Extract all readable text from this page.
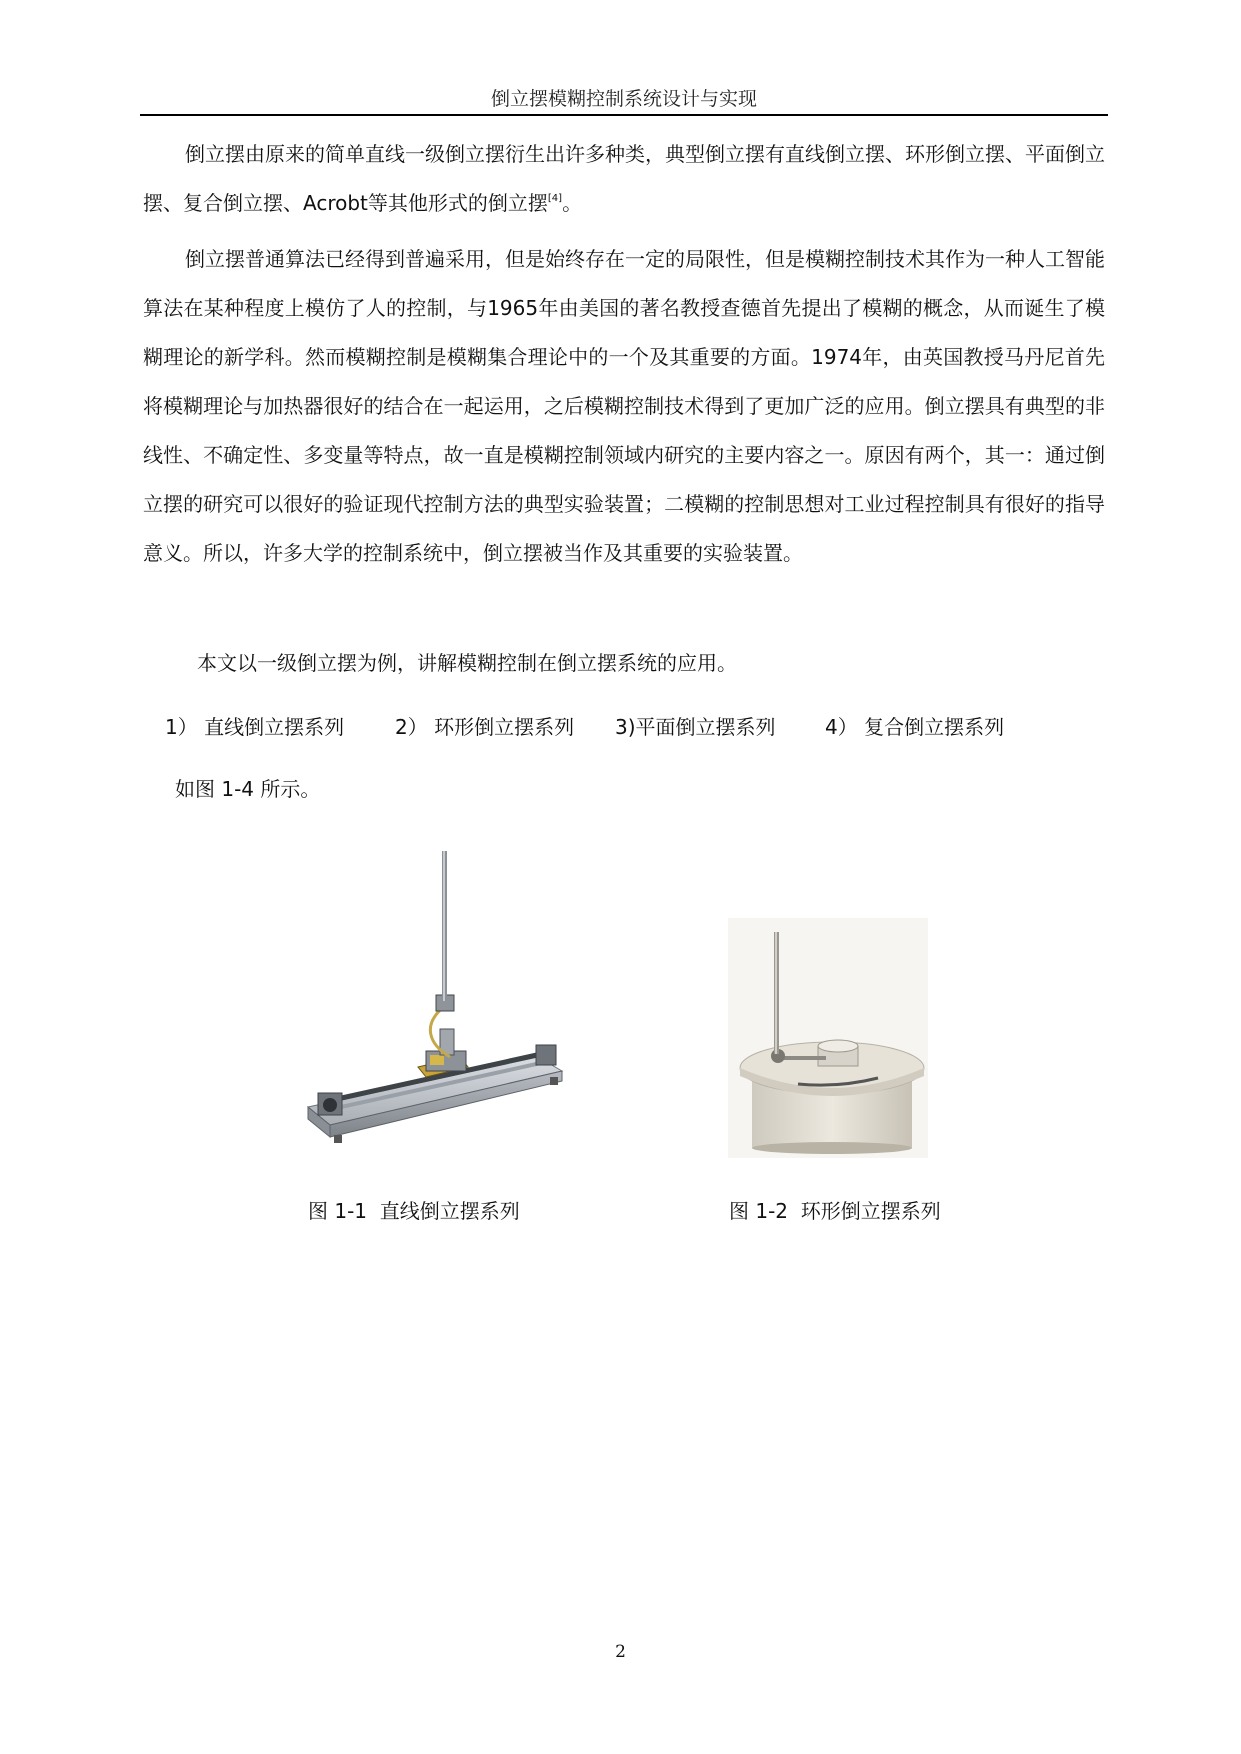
倒立摆模糊控制系统设计与实现

倒立摆由原来的简单直线一级倒立摆衍生出许多种类，典型倒立摆有直线倒立摆、环形倒立摆、平面倒立摆、复合倒立摆、Acrobt等其他形式的倒立摆[4]。

倒立摆普通算法已经得到普遍采用，但是始终存在一定的局限性，但是模糊控制技术其作为一种人工智能算法在某种程度上模仿了人的控制，与1965年由美国的著名教授查德首先提出了模糊的概念，从而诞生了模糊理论的新学科。然而模糊控制是模糊集合理论中的一个及其重要的方面。1974年，由英国教授马丹尼首先将模糊理论与加热器很好的结合在一起运用，之后模糊控制技术得到了更加广泛的应用。倒立摆具有典型的非线性、不确定性、多变量等特点，故一直是模糊控制领域内研究的主要内容之一。原因有两个，其一：通过倒立摆的研究可以很好的验证现代控制方法的典型实验装置；二模糊的控制思想对工业过程控制具有很好的指导意义。所以，许多大学的控制系统中，倒立摆被当作及其重要的实验装置。

本文以一级倒立摆为例，讲解模糊控制在倒立摆系统的应用。
1） 直线倒立摆系列	2） 环形倒立摆系列 3)平面倒立摆系列 4） 复合倒立摆系列
如图 1-4 所示。
图 1-1  直线倒立摆系列	图 1-2  环形倒立摆系列
2
